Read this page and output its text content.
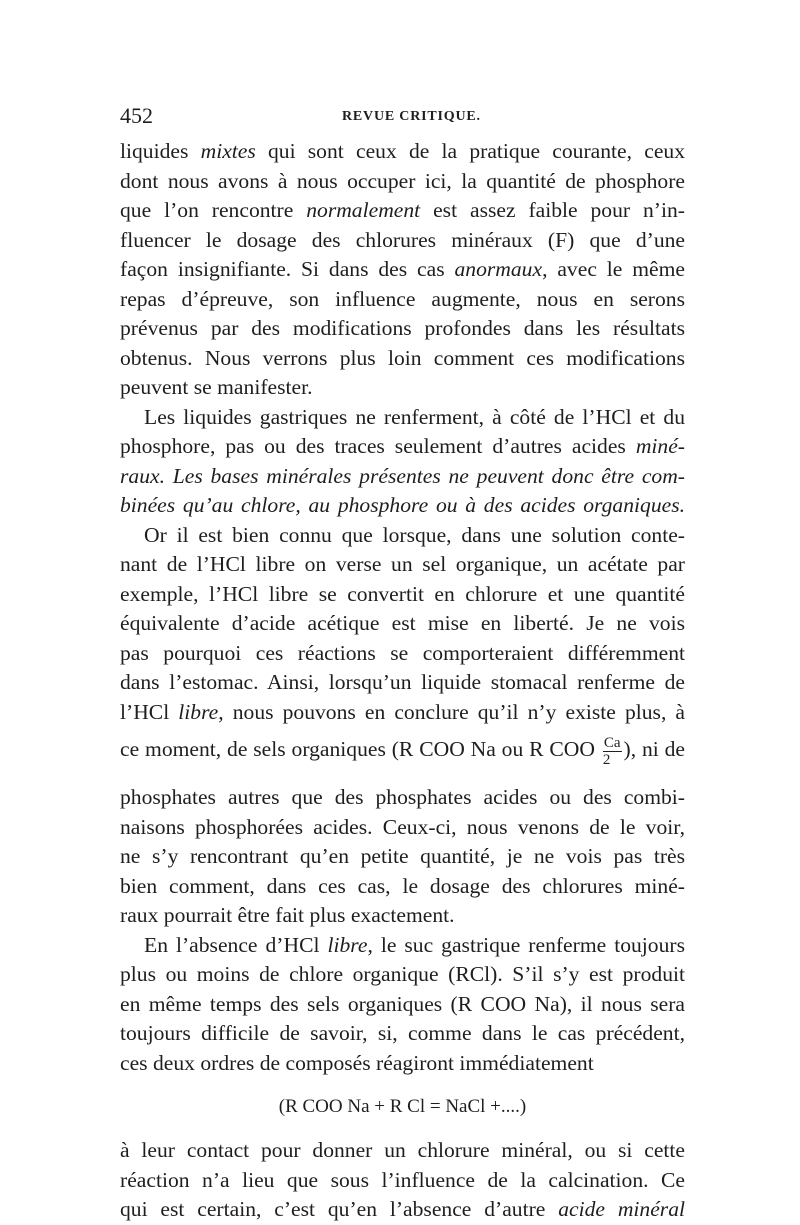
452	REVUE CRITIQUE.
liquides mixtes qui sont ceux de la pratique courante, ceux
dont nous avons à nous occuper ici, la quantité de phosphore
que l’on rencontre normalement est assez faible pour n’in-
fluencer le dosage des chlorures minéraux (F) que d’une
façon insignifiante. Si dans des cas anormaux, avec le même
repas d’épreuve, son influence augmente, nous en serons
prévenus par des modifications profondes dans les résultats
obtenus. Nous verrons plus loin comment ces modifications
peuvent se manifester.
Les liquides gastriques ne renferment, à côté de l’HCl et du
phosphore, pas ou des traces seulement d’autres acides miné-
raux. Les bases minérales présentes ne peuvent donc être com-
binées qu’au chlore, au phosphore ou à des acides organiques.
Or il est bien connu que lorsque, dans une solution conte-
nant de l’HCl libre on verse un sel organique, un acétate par
exemple, l’HCl libre se convertit en chlorure et une quantité
équivalente d’acide acétique est mise en liberté. Je ne vois
pas pourquoi ces réactions se comporteraient différemment
dans l’estomac. Ainsi, lorsqu’un liquide stomacal renferme de
l’HCl libre, nous pouvons en conclure qu’il n’y existe plus, à
ce moment, de sels organiques (R COO Na ou R COO $\frac{Ca}{2}$ ), ni de
phosphates autres que des phosphates acides ou des combi-
naisons phosphorées acides. Ceux-ci, nous venons de le voir,
ne s’y rencontrant qu’en petite quantité, je ne vois pas très
bien comment, dans ces cas, le dosage des chlorures miné-
raux pourrait être fait plus exactement.
En l’absence d’HCl libre, le suc gastrique renferme toujours
plus ou moins de chlore organique (RCl). S’il s’y est produit
en même temps des sels organiques (R COO Na), il nous sera
toujours difficile de savoir, si, comme dans le cas précédent,
ces deux ordres de composés réagiront immédiatement
(R COO Na + R Cl = NaCl +....)
à leur contact pour donner un chlorure minéral, ou si cette
réaction n’a lieu que sous l’influence de la calcination. Ce
qui est certain, c’est qu’en l’absence d’autre acide minéral
